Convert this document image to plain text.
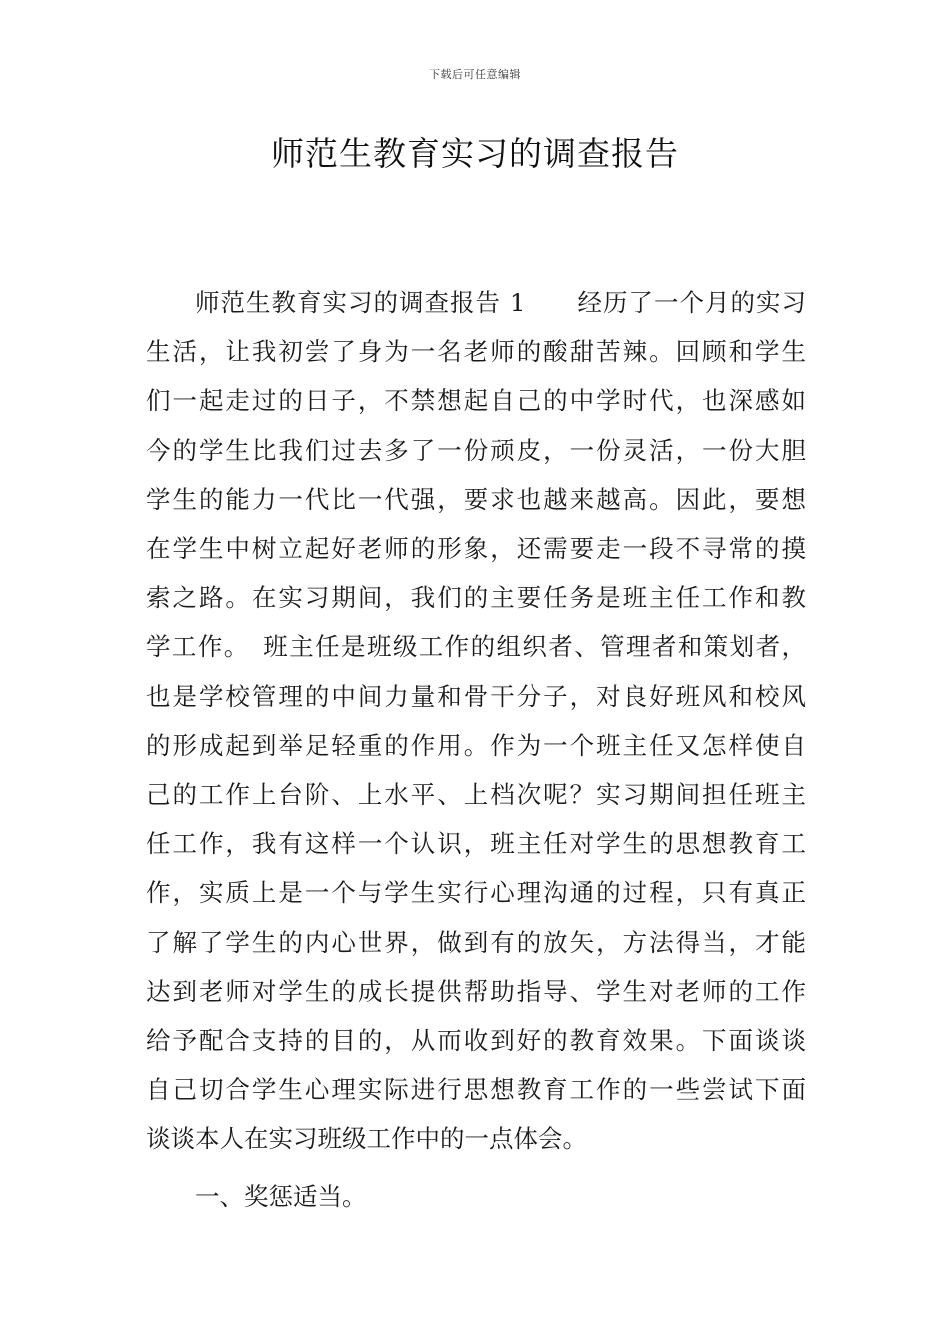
下载后可任意编辑
师范生教育实习的调查报告
师范生教育实习的调查报告 1　　经历了一个月的实习
生活，让我初尝了身为一名老师的酸甜苦辣。回顾和学生
们一起走过的日子，不禁想起自己的中学时代，也深感如
今的学生比我们过去多了一份顽皮，一份灵活，一份大胆
学生的能力一代比一代强，要求也越来越高。因此，要想
在学生中树立起好老师的形象，还需要走一段不寻常的摸
索之路。在实习期间，我们的主要任务是班主任工作和教
学工作。　班主任是班级工作的组织者、管理者和策划者，
也是学校管理的中间力量和骨干分子，对良好班风和校风
的形成起到举足轻重的作用。作为一个班主任又怎样使自
己的工作上台阶、上水平、上档次呢？实习期间担任班主
任工作，我有这样一个认识，班主任对学生的思想教育工
作，实质上是一个与学生实行心理沟通的过程，只有真正
了解了学生的内心世界，做到有的放矢，方法得当，才能
达到老师对学生的成长提供帮助指导、学生对老师的工作
给予配合支持的目的，从而收到好的教育效果。下面谈谈
自己切合学生心理实际进行思想教育工作的一些尝试下面
谈谈本人在实习班级工作中的一点体会。
一、奖惩适当。
